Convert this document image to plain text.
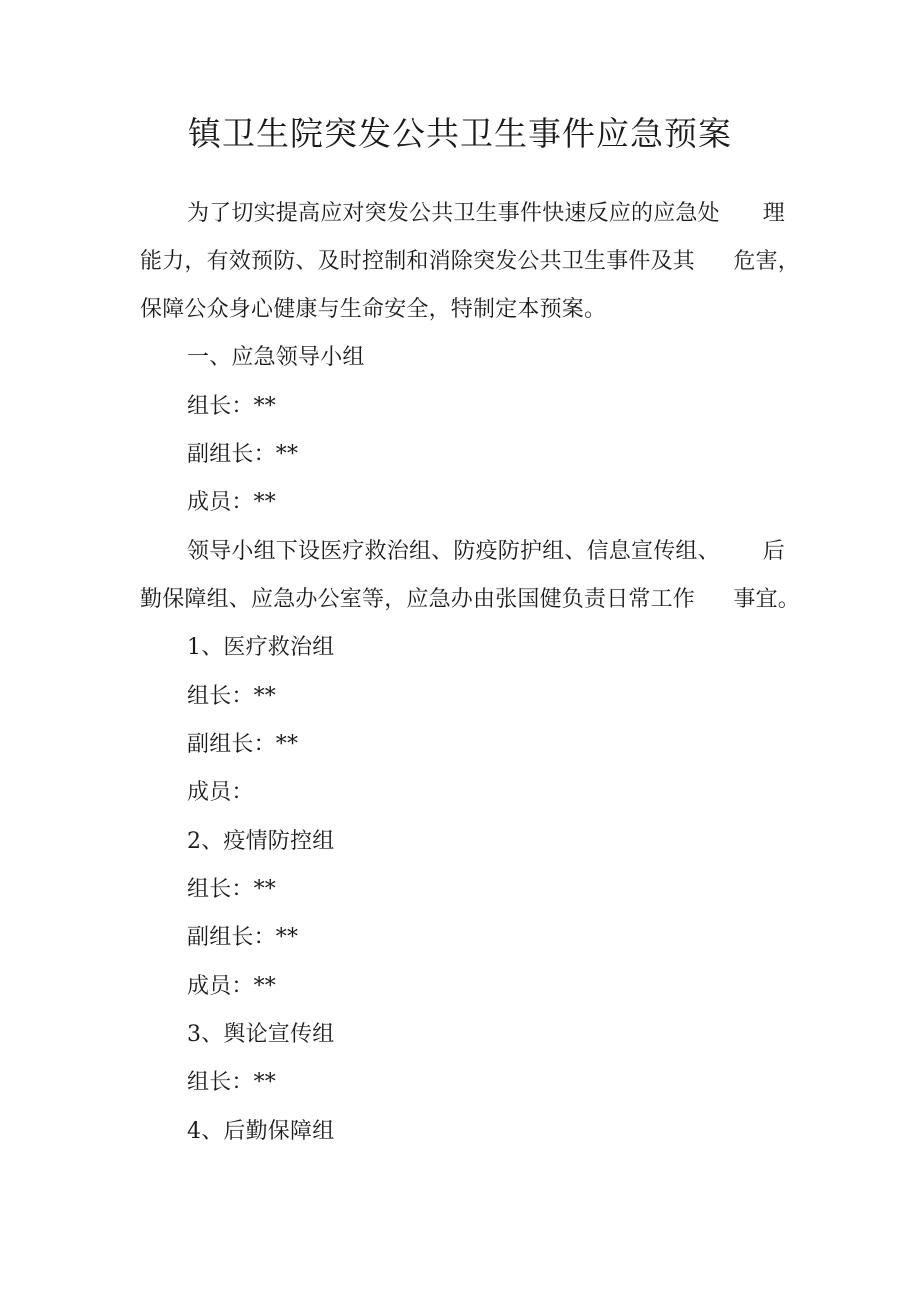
镇卫生院突发公共卫生事件应急预案
为了切实提高应对突发公共卫生事件快速反应的应急处 理
能力，有效预防、及时控制和消除突发公共卫生事件及其 危害，
保障公众身心健康与生命安全，特制定本预案。
一、应急领导小组
组长：**
副组长：**
成员：**
领导小组下设医疗救治组、防疫防护组、信息宣传组、 后
勤保障组、应急办公室等，应急办由张国健负责日常工作 事宜。
1、医疗救治组
组长：**
副组长：**
成员：
2、疫情防控组
组长：**
副组长：**
成员：**
3、舆论宣传组
组长：**
4、后勤保障组
